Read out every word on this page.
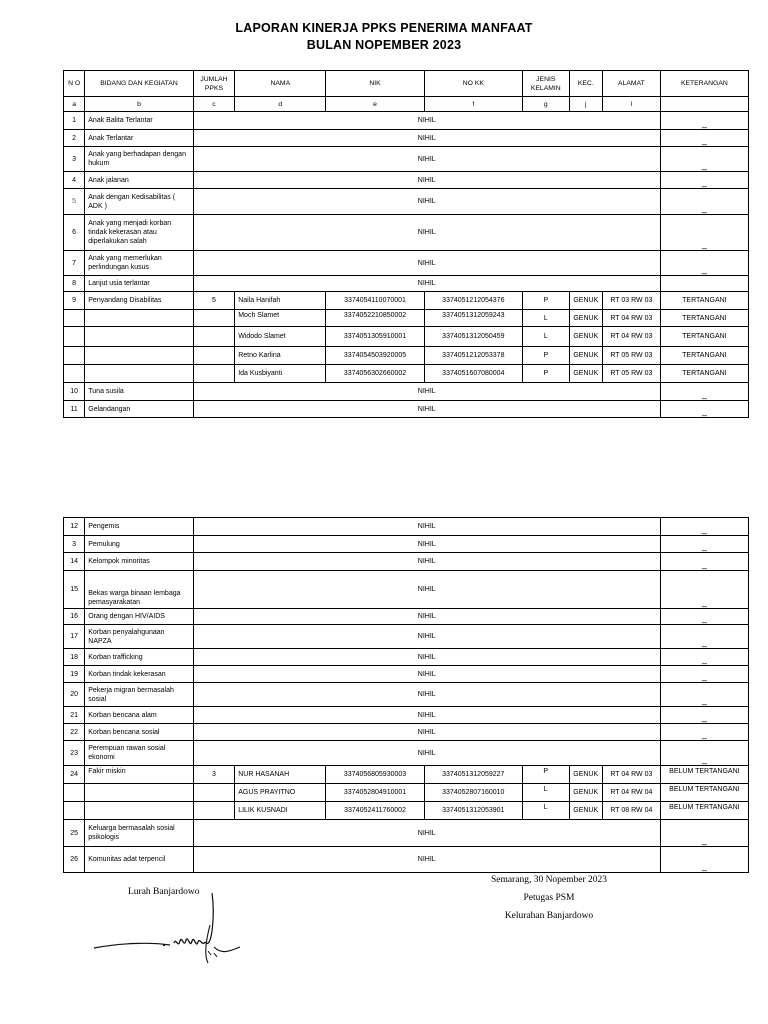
LAPORAN KINERJA PPKS PENERIMA MANFAAT
BULAN NOPEMBER 2023
N O	BIDANG DAN KEGIATAN	JUMLAH PPKS	NAMA	NIK	NO KK	JENIS KELAMIN	KEC.	ALAMAT	KETERANGAN
a	b	c	d	e	f	g	j	l	
1	Anak Balita Terlantar	NIHIL							_
2	Anak Terlantar	NIHIL							_
3	Anak yang berhadapan dengan hukum	NIHIL							_
4	Anak jalanan	NIHIL							_
5	Anak dengan Kedisabilitas ( ADK )	NIHIL							_
6	Anak yang menjadi korban tindak kekerasan atau diperlakukan salah	NIHIL							_
7	Anak yang memerlukan perlindungan kusus	NIHIL							_
8	Lanjut usia terlantar	NIHIL							
9	Penyandang Disabilitas	5	Naila Hanifah	3374054110070001	3374051212054376	P	GENUK	RT 03 RW 03	TERTANGANI
			Moch Slamet	3374052210850002	3374051312059243	L	GENUK	RT 04 RW 03	TERTANGANI
			Widodo Slamet	3374051305910001	3374051312050459	L	GENUK	RT 04 RW 03	TERTANGANI
			Retno Karlina	3374054503920005	3374051212053378	P	GENUK	RT 05 RW 03	TERTANGANI
			Ida Kusbiyanti	3374056302660002	3374051607080004	P	GENUK	RT 05 RW 03	TERTANGANI
10	Tuna susila	NIHIL							_
11	Gelandangan	NIHIL							_
12	Pengemis	NIHIL							_
3	Pemulung	NIHIL							_
14	Kelompok minoritas	NIHIL							_
15	Bekas warga binaan lembaga pemasyarakatan	NIHIL							_
16	Orang dengan HIV/AIDS	NIHIL							_
17	Korban penyalahgunaan NAPZA	NIHIL							_
18	Korban trafficking	NIHIL							_
19	Korban tindak kekerasan	NIHIL							_
20	Pekerja migran bermasalah sosial	NIHIL							_
21	Korban bencana alam	NIHIL							_
22	Korban bencana sosial	NIHIL							_
23	Perempuan rawan sosial ekonomi	NIHIL							_
24	Fakir miskin	3	NUR HASANAH	3374056805930003	3374051312059227	P	GENUK	RT 04 RW 03	BELUM TERTANGANI
			AGUS PRAYITNO	3374052804910001	3374052807160010	L	GENUK	RT 04 RW 04	BELUM TERTANGANI
			LILIK KUSNADI	3374052411760002	3374051312053901	L	GENUK	RT 08 RW 04	BELUM TERTANGANI
25	Keluarga bermasalah sosial psikologis	NIHIL							_
26	Komunitas adat terpencil	NIHIL							_
Lurah Banjardowo
Semarang, 30 Nopember 2023
Petugas PSM
Kelurahan Banjardowo
